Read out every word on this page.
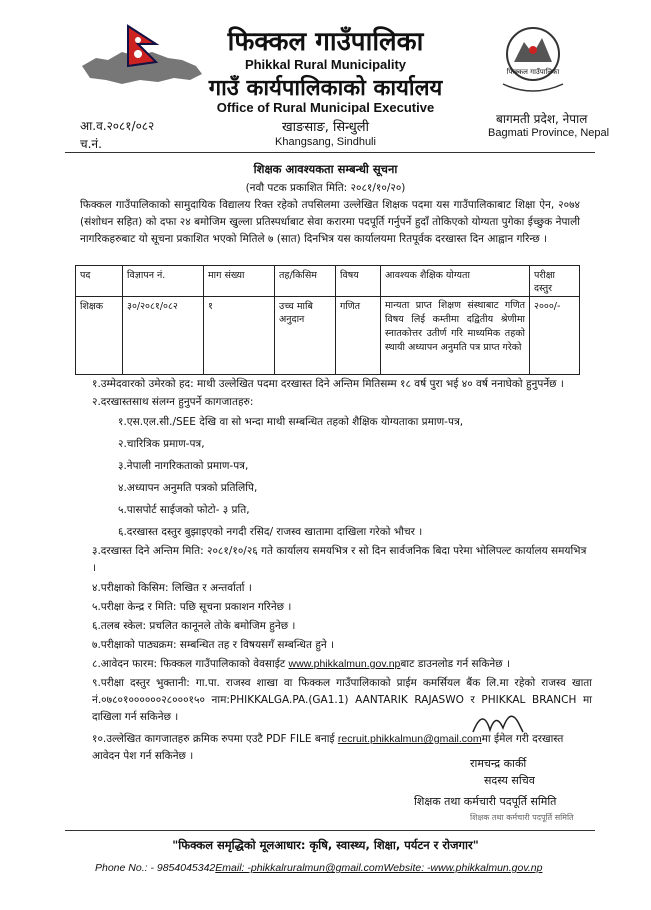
फिक्कल गाउँपालिका
फिक्कल गाउँपालिका
Phikkal Rural Municipality
गाउँ कार्यपालिकाको कार्यालय
Office of Rural Municipal Executive
खाङसाङ, सिन्धुली
Khangsang, Sindhuli
बागमती प्रदेश, नेपाल
Bagmati Province, Nepal
आ.व.२०८१/०८२
च.नं.
शिक्षक आवश्यकता सम्बन्धी सूचना
(नवौ पटक प्रकाशित मिति: २०८१/१०/२०)
फिक्कल गाउँपालिकाको सामुदायिक विद्यालय रिक्त रहेको तपसिलमा उल्लेखित शिक्षक पदमा यस गाउँपालिकाबाट शिक्षा ऐन, २०७४ (संशोधन सहित) को दफा २४ बमोजिम खुल्ला प्रतिस्पर्धाबाट सेवा करारमा पदपूर्ति गर्नुपर्ने हुदाँ तोकिएको योग्यता पुगेका ईच्छुक नेपाली नागरिकहरुबाट यो सूचना प्रकाशित भएको मितिले ७ (सात) दिनभित्र यस कार्यालयमा रितपूर्वक दरखास्त दिन आह्वान गरिन्छ ।
पद	विज्ञापन नं.	माग संख्या	तह/किसिम	विषय	आवश्यक शैक्षिक योग्यता	परीक्षा दस्तुर
शिक्षक	३०/२०८१/०८२	१	उच्च माबि अनुदान	गणित	मान्यता प्राप्त शिक्षण संस्थाबाट गणित विषय लिई कम्तीमा दद्वितीय श्रेणीमा स्नातकोत्तर उतीर्ण गरि माध्यमिक तहको स्थायी अध्यापन अनुमति पत्र प्राप्त गरेको	२०००/-
१.उम्मेदवारको उमेरको हद: माथी उल्लेखित पदमा दरखास्त दिने अन्तिम मितिसम्म १८ वर्ष पुरा भई ४० वर्ष ननाघेको हुनुपर्नेछ ।
२.दरखास्तसाथ संलग्न हुनुपर्ने कागजातहरु:
१.एस.एल.सी./SEE देखि वा सो भन्दा माथी सम्बन्धित तहको शैक्षिक योग्यताका प्रमाण-पत्र,
२.चारित्रिक प्रमाण-पत्र,
३.नेपाली नागरिकताको प्रमाण-पत्र,
४.अध्यापन अनुमति पत्रको प्रतिलिपि,
५.पासपोर्ट साईजको फोटो- ३ प्रति,
६.दरखास्त दस्तुर बुझाइएको नगदी रसिद/ राजस्व खातामा दाखिला गरेको भौचर ।
३.दरखास्त दिने अन्तिम मिति: २०८१/१०/२६ गते कार्यालय समयभित्र र सो दिन सार्वजनिक बिदा परेमा भोलिपल्ट कार्यालय समयभित्र ।
४.परीक्षाको किसिम: लिखित र अन्तर्वार्ता ।
५.परीक्षा केन्द्र र मिति: पछि सूचना प्रकाशन गरिनेछ ।
६.तलब स्केल: प्रचलित कानूनले तोके बमोजिम हुनेछ ।
७.परीक्षाको पाठ्यक्रम: सम्बन्धित तह र विषयसगँ सम्बन्धित हुने ।
८.आवेदन फारम: फिक्कल गाउँपालिकाको वेवसाईट www.phikkalmun.gov.npबाट डाउनलोड गर्न सकिनेछ ।
९.परीक्षा दस्तुर भुक्तानी: गा.पा. राजस्व शाखा वा फिक्कल गाउँपालिकाको प्राईम कमर्सियल बैंक लि.मा रहेको राजस्व खाता नं.०७८०१००००००२८०००१५० नाम:PHIKKALGA.PA.(GA1.1) AANTARIK RAJASWO र PHIKKAL BRANCH मा दाखिला गर्न सकिनेछ ।
१०.उल्लेखित कागजातहरु क्रमिक रुपमा एउटै PDF FILE बनाई recruit.phikkalmun@gmail.comमा ईमेल गरी दरखास्त आवेदन पेश गर्न सकिनेछ ।
रामचन्द्र कार्की
सदस्य सचिव
शिक्षक तथा कर्मचारी पदपूर्ति समिति
शिक्षक तथा कर्मचारी पदपूर्ति समिति
"फिक्कल समृद्धिको मूलआधार: कृषि, स्वास्थ्य, शिक्षा, पर्यटन र रोजगार"
Phone No.: - 9854045342Email: -phikkalruralmun@gmail.comWebsite: -www.phikkalmun.gov.np
